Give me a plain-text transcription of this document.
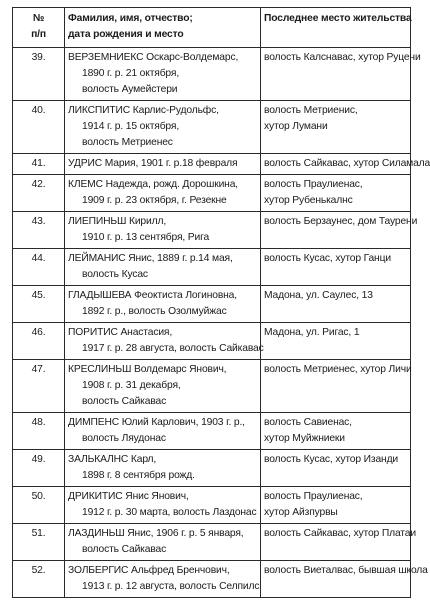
№
п/п	Фамилия, имя, отчество;
дата рождения и место	Последнее место жительства

39.	ВЕРЗЕМНИЕКС Оскарс-Волдемарс,
1890 г. р. 21 октября,
волость Аумейстери	волость Калснавас, хутор Руцени

40.	ЛИКСПИТИС Карлис-Рудольфс,
1914 г. р. 15 октября,
волость Метриенес	волость Метриенис,
хутор Лумани

41.	УДРИС Мария, 1901 г. р.18 февраля	волость Сайкавас, хутор Силамала

42.	КЛЕМС Надежда, рожд. Дорошкина,
1909 г. р. 23 октября, г. Резекне	волость Праулиенас,
хутор Рубенькалнс

43.	ЛИЕПИНЬШ Кирилл,
1910 г. р. 13 сентября, Рига	волость Берзаунес, дом Таурени

44.	ЛЕЙМАНИС Янис, 1889 г. р.14 мая,
волость Кусас	волость Кусас, хутор Ганци

45.	ГЛАДЫШЕВА Феоктиста Логиновна,
1892 г. р., волость Озолмуйжас	Мадона, ул. Саулес, 13

46.	ПОРИТИС Анастасия,
1917 г. р. 28 августа, волость Сайкавас	Мадона, ул. Ригас, 1

47.	КРЕСЛИНЬШ Волдемарс Янович,
1908 г. р. 31 декабря,
волость Сайкавас	волость Метриенес, хутор Личи

48.	ДИМПЕНС Юлий Карлович, 1903 г. р.,
волость Ляудонас	волость Савиенас,
хутор Муйжниеки

49.	ЗАЛЬКАЛНС Карл,
1898 г. 8 сентября рожд.	волость Кусас, хутор Изанди

50.	ДРИКИТИС Янис Янович,
1912 г. р. 30 марта, волость Лаздонас	волость Праулиенас,
хутор Айзпурвы

51.	ЛАЗДИНЬШ Янис, 1906 г. р. 5 января,
волость Сайкавас	волость Сайкавас, хутор Платаи

52.	ЗОЛБЕРГИС Альфред Бренчович,
1913 г. р. 12 августа, волость Селпилс	волость Виеталвас, бывшая школа
